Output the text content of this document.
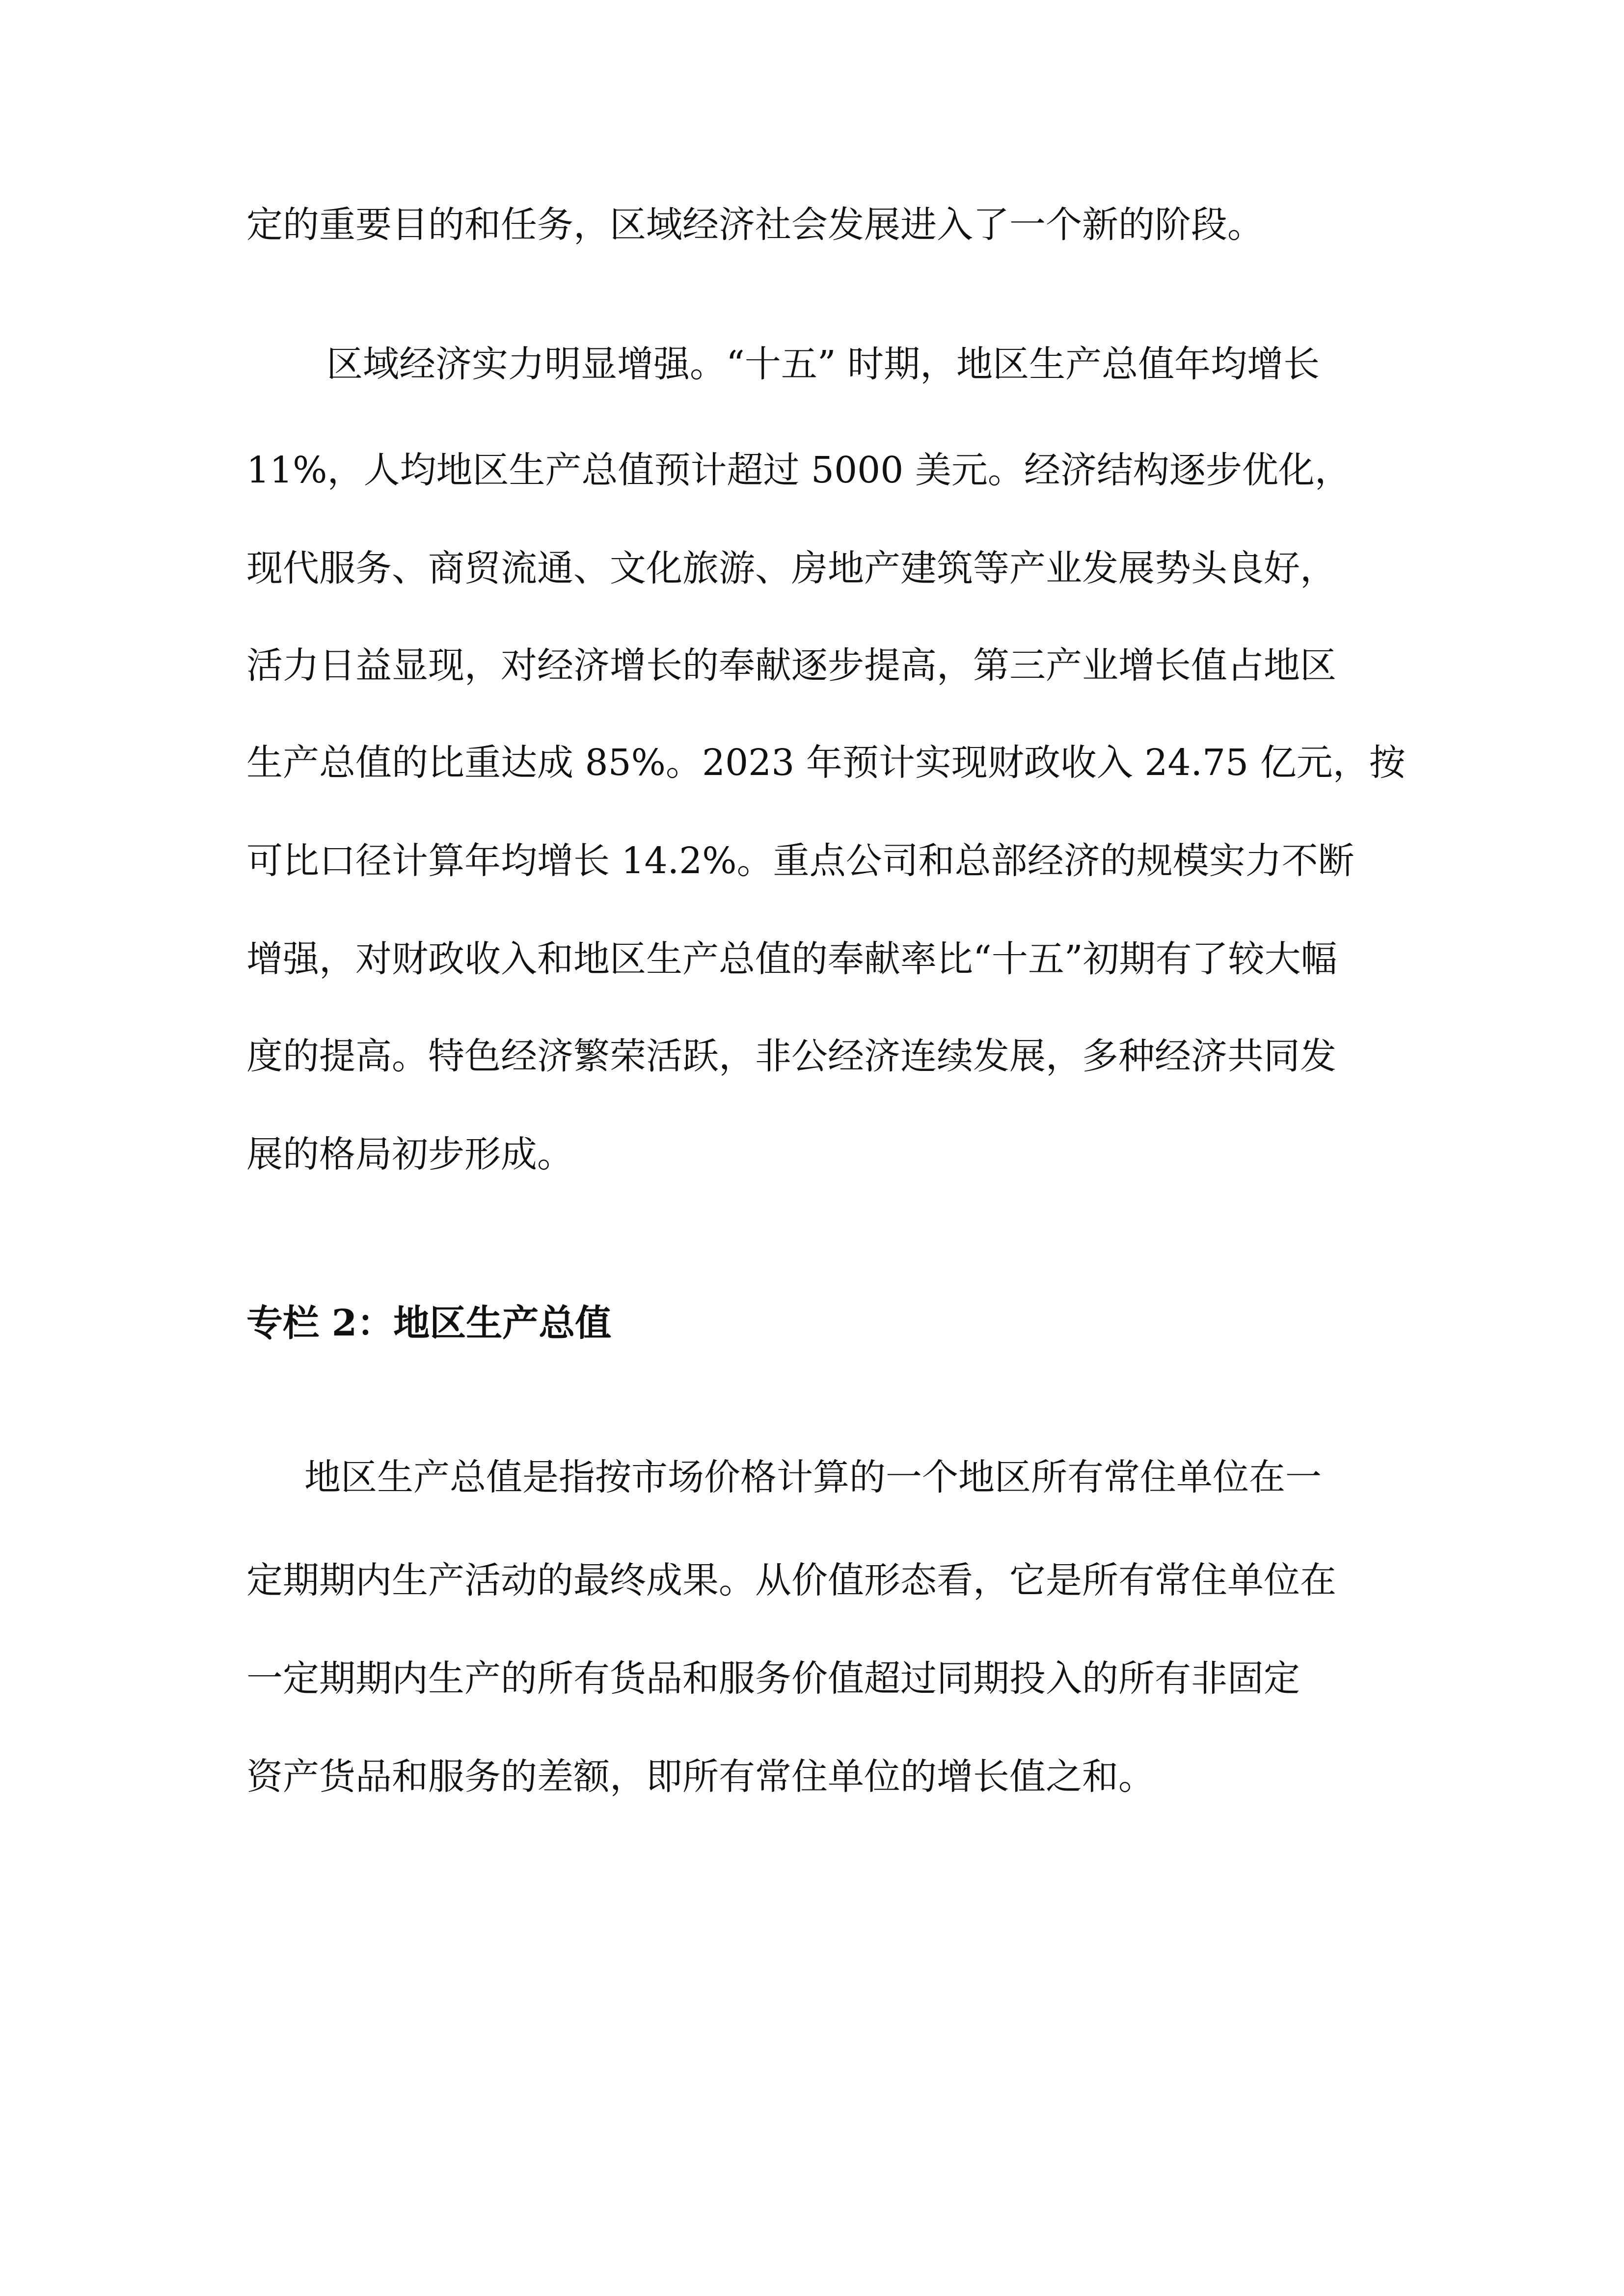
定的重要目的和任务，区域经济社会发展进入了一个新的阶段。
区域经济实力明显增强。“十五” 时期，地区生产总值年均增长
11%，人均地区生产总值预计超过 5000 美元。经济结构逐步优化，
现代服务、商贸流通、文化旅游、房地产建筑等产业发展势头良好，
活力日益显现，对经济增长的奉献逐步提高，第三产业增长值占地区
生产总值的比重达成 85%。2023 年预计实现财政收入 24.75 亿元，按
可比口径计算年均增长 14.2%。重点公司和总部经济的规模实力不断
增强，对财政收入和地区生产总值的奉献率比“十五”初期有了较大幅
度的提高。特色经济繁荣活跃，非公经济连续发展，多种经济共同发
展的格局初步形成。
专栏 2：地区生产总值
地区生产总值是指按市场价格计算的一个地区所有常住单位在一
定期期内生产活动的最终成果。从价值形态看，它是所有常住单位在
一定期期内生产的所有货品和服务价值超过同期投入的所有非固定
资产货品和服务的差额，即所有常住单位的增长值之和。
